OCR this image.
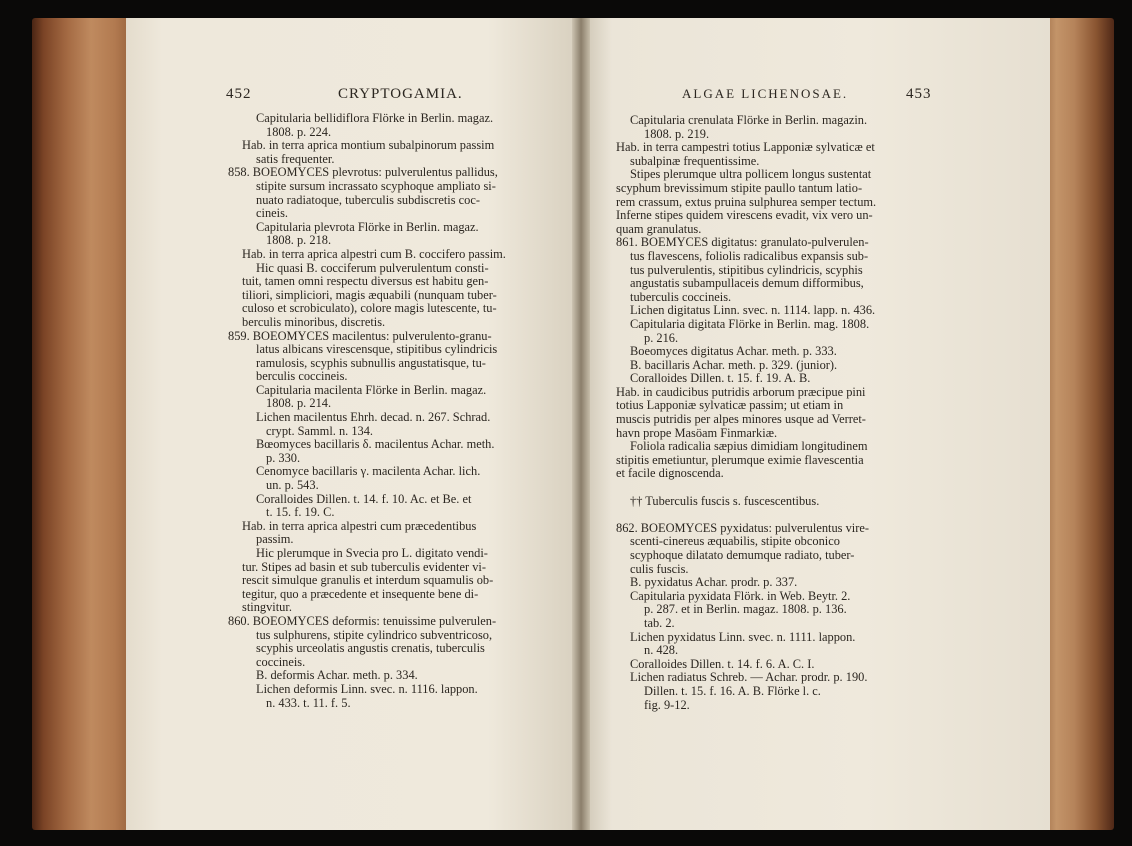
452	CRYPTOGAMIA.	ALGAE LICHENOSAE.	453
Capitularia bellidiflora Flörke in Berlin. magaz.
1808. p. 224.
Hab. in terra aprica montium subalpinorum passim
satis frequenter.
858. BOEOMYCES plevrotus: pulverulentus pallidus,
stipite sursum incrassato scyphoque ampliato si-
nuato radiatoque, tuberculis subdiscretis coc-
cineis.
Capitularia plevrota Flörke in Berlin. magaz.
1808. p. 218.
Hab. in terra aprica alpestri cum B. coccifero passim.
Hic quasi B. cocciferum pulverulentum consti-
tuit, tamen omni respectu diversus est habitu gen-
tiliori, simpliciori, magis æquabili (nunquam tuber-
culoso et scrobiculato), colore magis lutescente, tu-
berculis minoribus, discretis.
859. BOEOMYCES macilentus: pulverulento-granu-
latus albicans virescensque, stipitibus cylindricis
ramulosis, scyphis subnullis angustatisque, tu-
berculis coccineis.
Capitularia macilenta Flörke in Berlin. magaz.
1808. p. 214.
Lichen macilentus Ehrh. decad. n. 267. Schrad.
crypt. Samml. n. 134.
Bœomyces bacillaris δ. macilentus Achar. meth.
p. 330.
Cenomyce bacillaris γ. macilenta Achar. lich.
un. p. 543.
Coralloides Dillen. t. 14. f. 10. Ac. et Be. et
t. 15. f. 19. C.
Hab. in terra aprica alpestri cum præcedentibus
passim.
Hic plerumque in Svecia pro L. digitato vendi-
tur. Stipes ad basin et sub tuberculis evidenter vi-
rescit simulque granulis et interdum squamulis ob-
tegitur, quo a præcedente et insequente bene di-
stingvitur.
860. BOEOMYCES deformis: tenuissime pulverulen-
tus sulphurens, stipite cylindrico subventricoso,
scyphis urceolatis angustis crenatis, tuberculis
coccineis.
B. deformis Achar. meth. p. 334.
Lichen deformis Linn. svec. n. 1116. lappon.
n. 433. t. 11. f. 5.
Capitularia crenulata Flörke in Berlin. magazin.
1808. p. 219.
Hab. in terra campestri totius Lapponiæ sylvaticæ et
subalpinæ frequentissime.
Stipes plerumque ultra pollicem longus sustentat
scyphum brevissimum stipite paullo tantum latio-
rem crassum, extus pruina sulphurea semper tectum.
Inferne stipes quidem virescens evadit, vix vero un-
quam granulatus.
861. BOEMYCES digitatus: granulato-pulverulen-
tus flavescens, foliolis radicalibus expansis sub-
tus pulverulentis, stipitibus cylindricis, scyphis
angustatis subampullaceis demum difformibus,
tuberculis coccineis.
Lichen digitatus Linn. svec. n. 1114. lapp. n. 436.
Capitularia digitata Flörke in Berlin. mag. 1808.
p. 216.
Boeomyces digitatus Achar. meth. p. 333.
B. bacillaris Achar. meth. p. 329. (junior).
Coralloides Dillen. t. 15. f. 19. A. B.
Hab. in caudicibus putridis arborum præcipue pini
totius Lapponiæ sylvaticæ passim; ut etiam in
muscis putridis per alpes minores usque ad Verret-
havn prope Masöam Finmarkiæ.
Foliola radicalia sæpius dimidiam longitudinem
stipitis emetiuntur, plerumque eximie flavescentia
et facile dignoscenda.
†† Tuberculis fuscis s. fuscescentibus.
862. BOEOMYCES pyxidatus: pulverulentus vire-
scenti-cinereus æquabilis, stipite obconico
scyphoque dilatato demumque radiato, tuber-
culis fuscis.
B. pyxidatus Achar. prodr. p. 337.
Capitularia pyxidata Flörk. in Web. Beytr. 2.
p. 287. et in Berlin. magaz. 1808. p. 136.
tab. 2.
Lichen pyxidatus Linn. svec. n. 1111. lappon.
n. 428.
Coralloides Dillen. t. 14. f. 6. A. C. I.
Lichen radiatus Schreb. — Achar. prodr. p. 190.
Dillen. t. 15. f. 16. A. B. Flörke l. c.
fig. 9-12.
